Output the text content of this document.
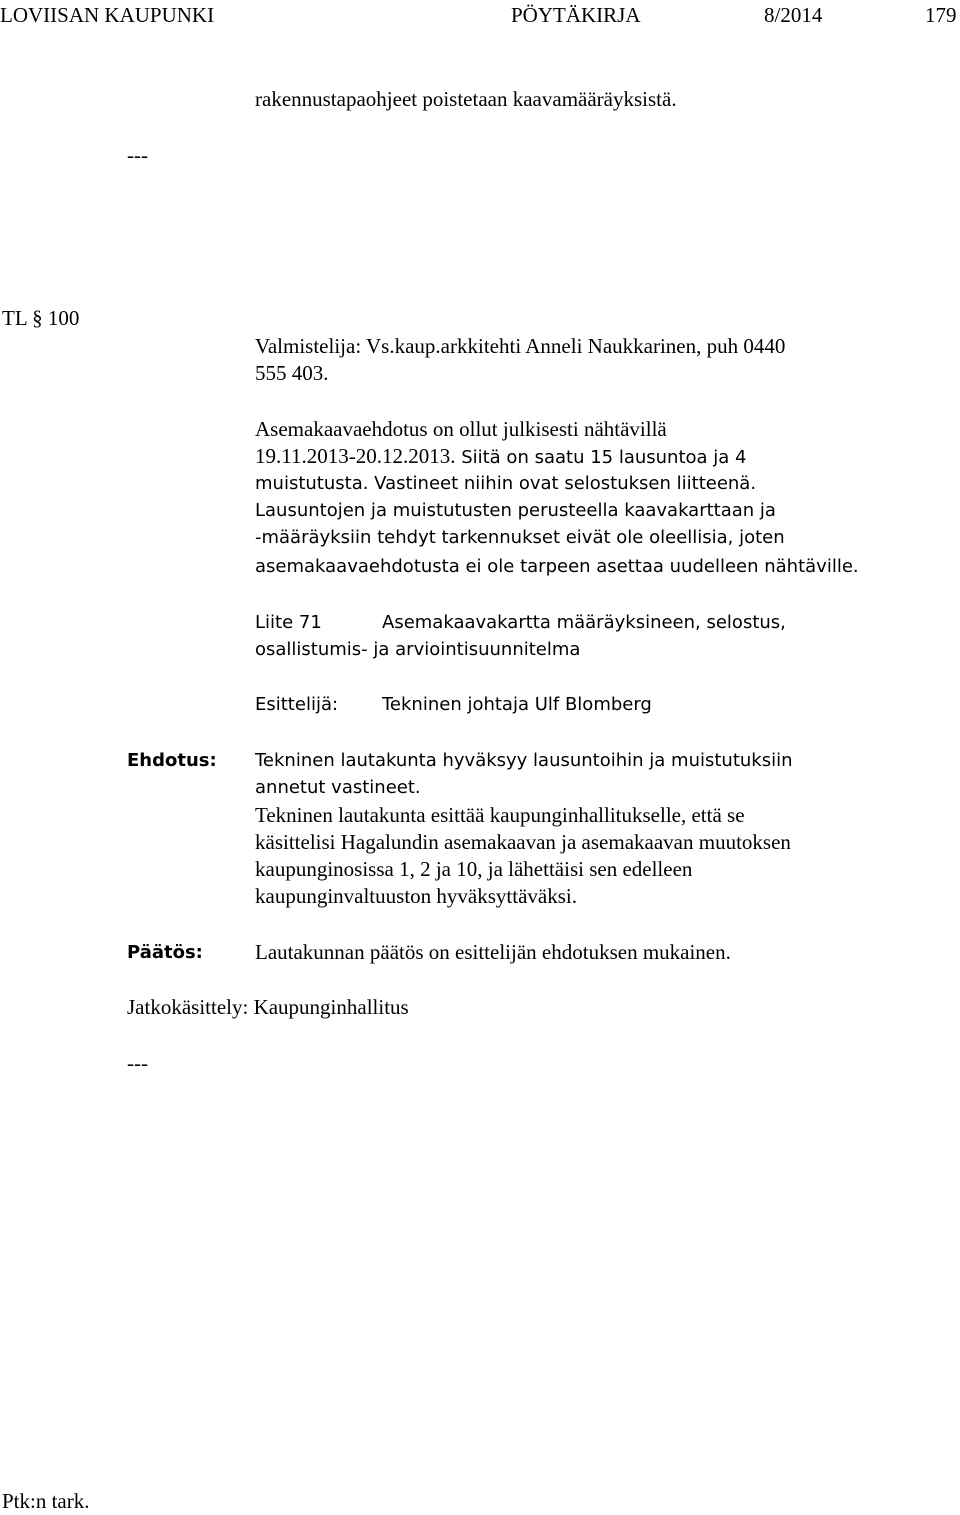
LOVIISAN KAUPUNKI	PÖYTÄKIRJA	8/2014	179
rakennustapaohjeet poistetaan kaavamääräyksistä.
---
TL § 100
Valmistelija: Vs.kaup.arkkitehti Anneli Naukkarinen, puh 0440
555 403.
Asemakaavaehdotus on ollut julkisesti nähtävillä
19.11.2013-20.12.2013. Siitä on saatu 15 lausuntoa ja 4
muistutusta. Vastineet niihin ovat selostuksen liitteenä.
Lausuntojen ja muistutusten perusteella kaavakarttaan ja
-määräyksiin tehdyt tarkennukset eivät ole oleellisia, joten
asemakaavaehdotusta ei ole tarpeen asettaa uudelleen nähtäville.
Liite 71	Asemakaavakartta määräyksineen, selostus,
osallistumis- ja arviointisuunnitelma
Esittelijä: Tekninen johtaja Ulf Blomberg
Ehdotus: Tekninen lautakunta hyväksyy lausuntoihin ja muistutuksiin
annetut vastineet.
Tekninen lautakunta esittää kaupunginhallitukselle, että se
käsittelisi Hagalundin asemakaavan ja asemakaavan muutoksen
kaupunginosissa 1, 2 ja 10, ja lähettäisi sen edelleen
kaupunginvaltuuston hyväksyttäväksi.
Päätös: Lautakunnan päätös on esittelijän ehdotuksen mukainen.
Jatkokäsittely: Kaupunginhallitus
---
Ptk:n tark.
